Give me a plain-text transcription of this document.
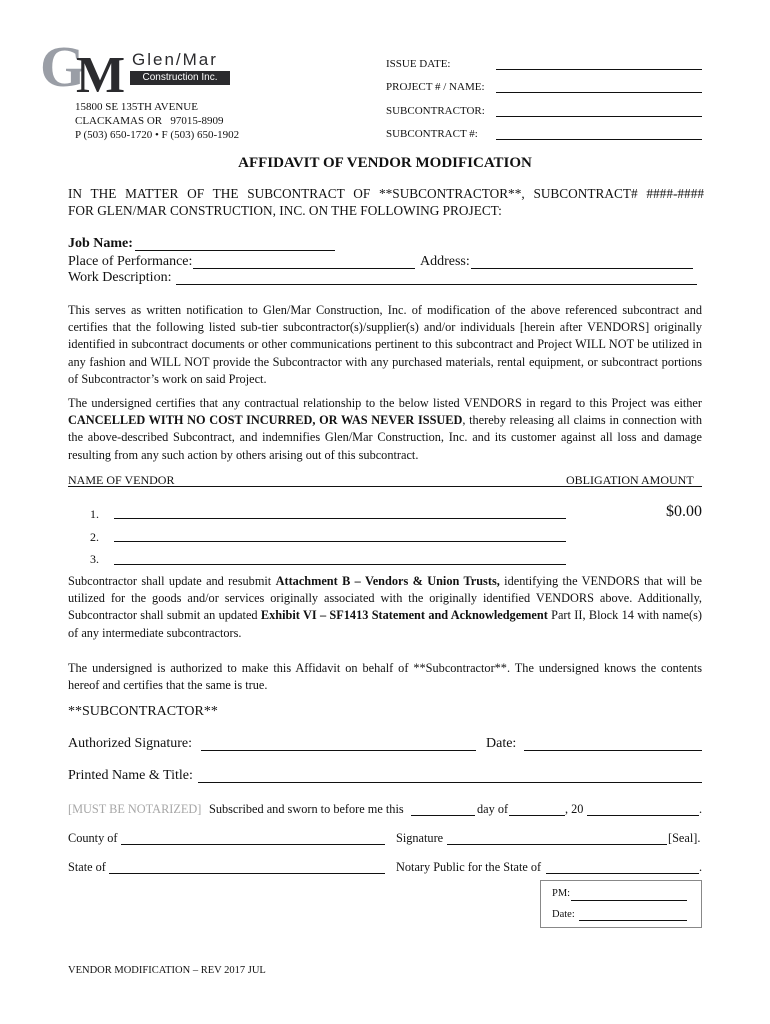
G
M Glen/Mar
Construction Inc.
15800 SE 135TH AVENUE
CLACKAMAS OR   97015-8909
P (503) 650-1720 • F (503) 650-1902
ISSUE DATE:
PROJECT # / NAME:
SUBCONTRACTOR:
SUBCONTRACT #:
AFFIDAVIT OF VENDOR MODIFICATION
IN THE MATTER OF THE SUBCONTRACT OF **SUBCONTRACTOR**, SUBCONTRACT# ####-####
FOR GLEN/MAR CONSTRUCTION, INC. ON THE FOLLOWING PROJECT:
Job Name:
Place of Performance:	Address:
Work Description:
This serves as written notification to Glen/Mar Construction, Inc. of modification of the above referenced subcontract and certifies that the following listed sub-tier subcontractor(s)/supplier(s) and/or individuals [herein after VENDORS] originally identified in subcontract documents or other communications pertinent to this subcontract and Project WILL NOT be utilized in any fashion and WILL NOT provide the Subcontractor with any purchased materials, rental equipment, or subcontract portions of Subcontractor’s work on said Project.
The undersigned certifies that any contractual relationship to the below listed VENDORS in regard to this Project was either CANCELLED WITH NO COST INCURRED, OR WAS NEVER ISSUED, thereby releasing all claims in connection with the above-described Subcontract, and indemnifies Glen/Mar Construction, Inc. and its customer against all loss and damage resulting from any such action by others arising out of this subcontract.
NAME OF VENDOR	OBLIGATION AMOUNT
1.	$0.00
2.
3.
Subcontractor shall update and resubmit Attachment B – Vendors & Union Trusts, identifying the VENDORS that will be utilized for the goods and/or services originally associated with the originally identified VENDORS above. Additionally, Subcontractor shall submit an updated Exhibit VI – SF1413 Statement and Acknowledgement Part II, Block 14 with name(s) of any intermediate subcontractors.
The undersigned is authorized to make this Affidavit on behalf of **Subcontractor**. The undersigned knows the contents hereof and certifies that the same is true.
**SUBCONTRACTOR**
Authorized Signature:	Date:
Printed Name & Title:
[MUST BE NOTARIZED] Subscribed and sworn to before me this	day of	, 20	.
County of	Signature	[Seal].
State of	Notary Public for the State of	.
PM:
Date:
VENDOR MODIFICATION – REV 2017 JUL
